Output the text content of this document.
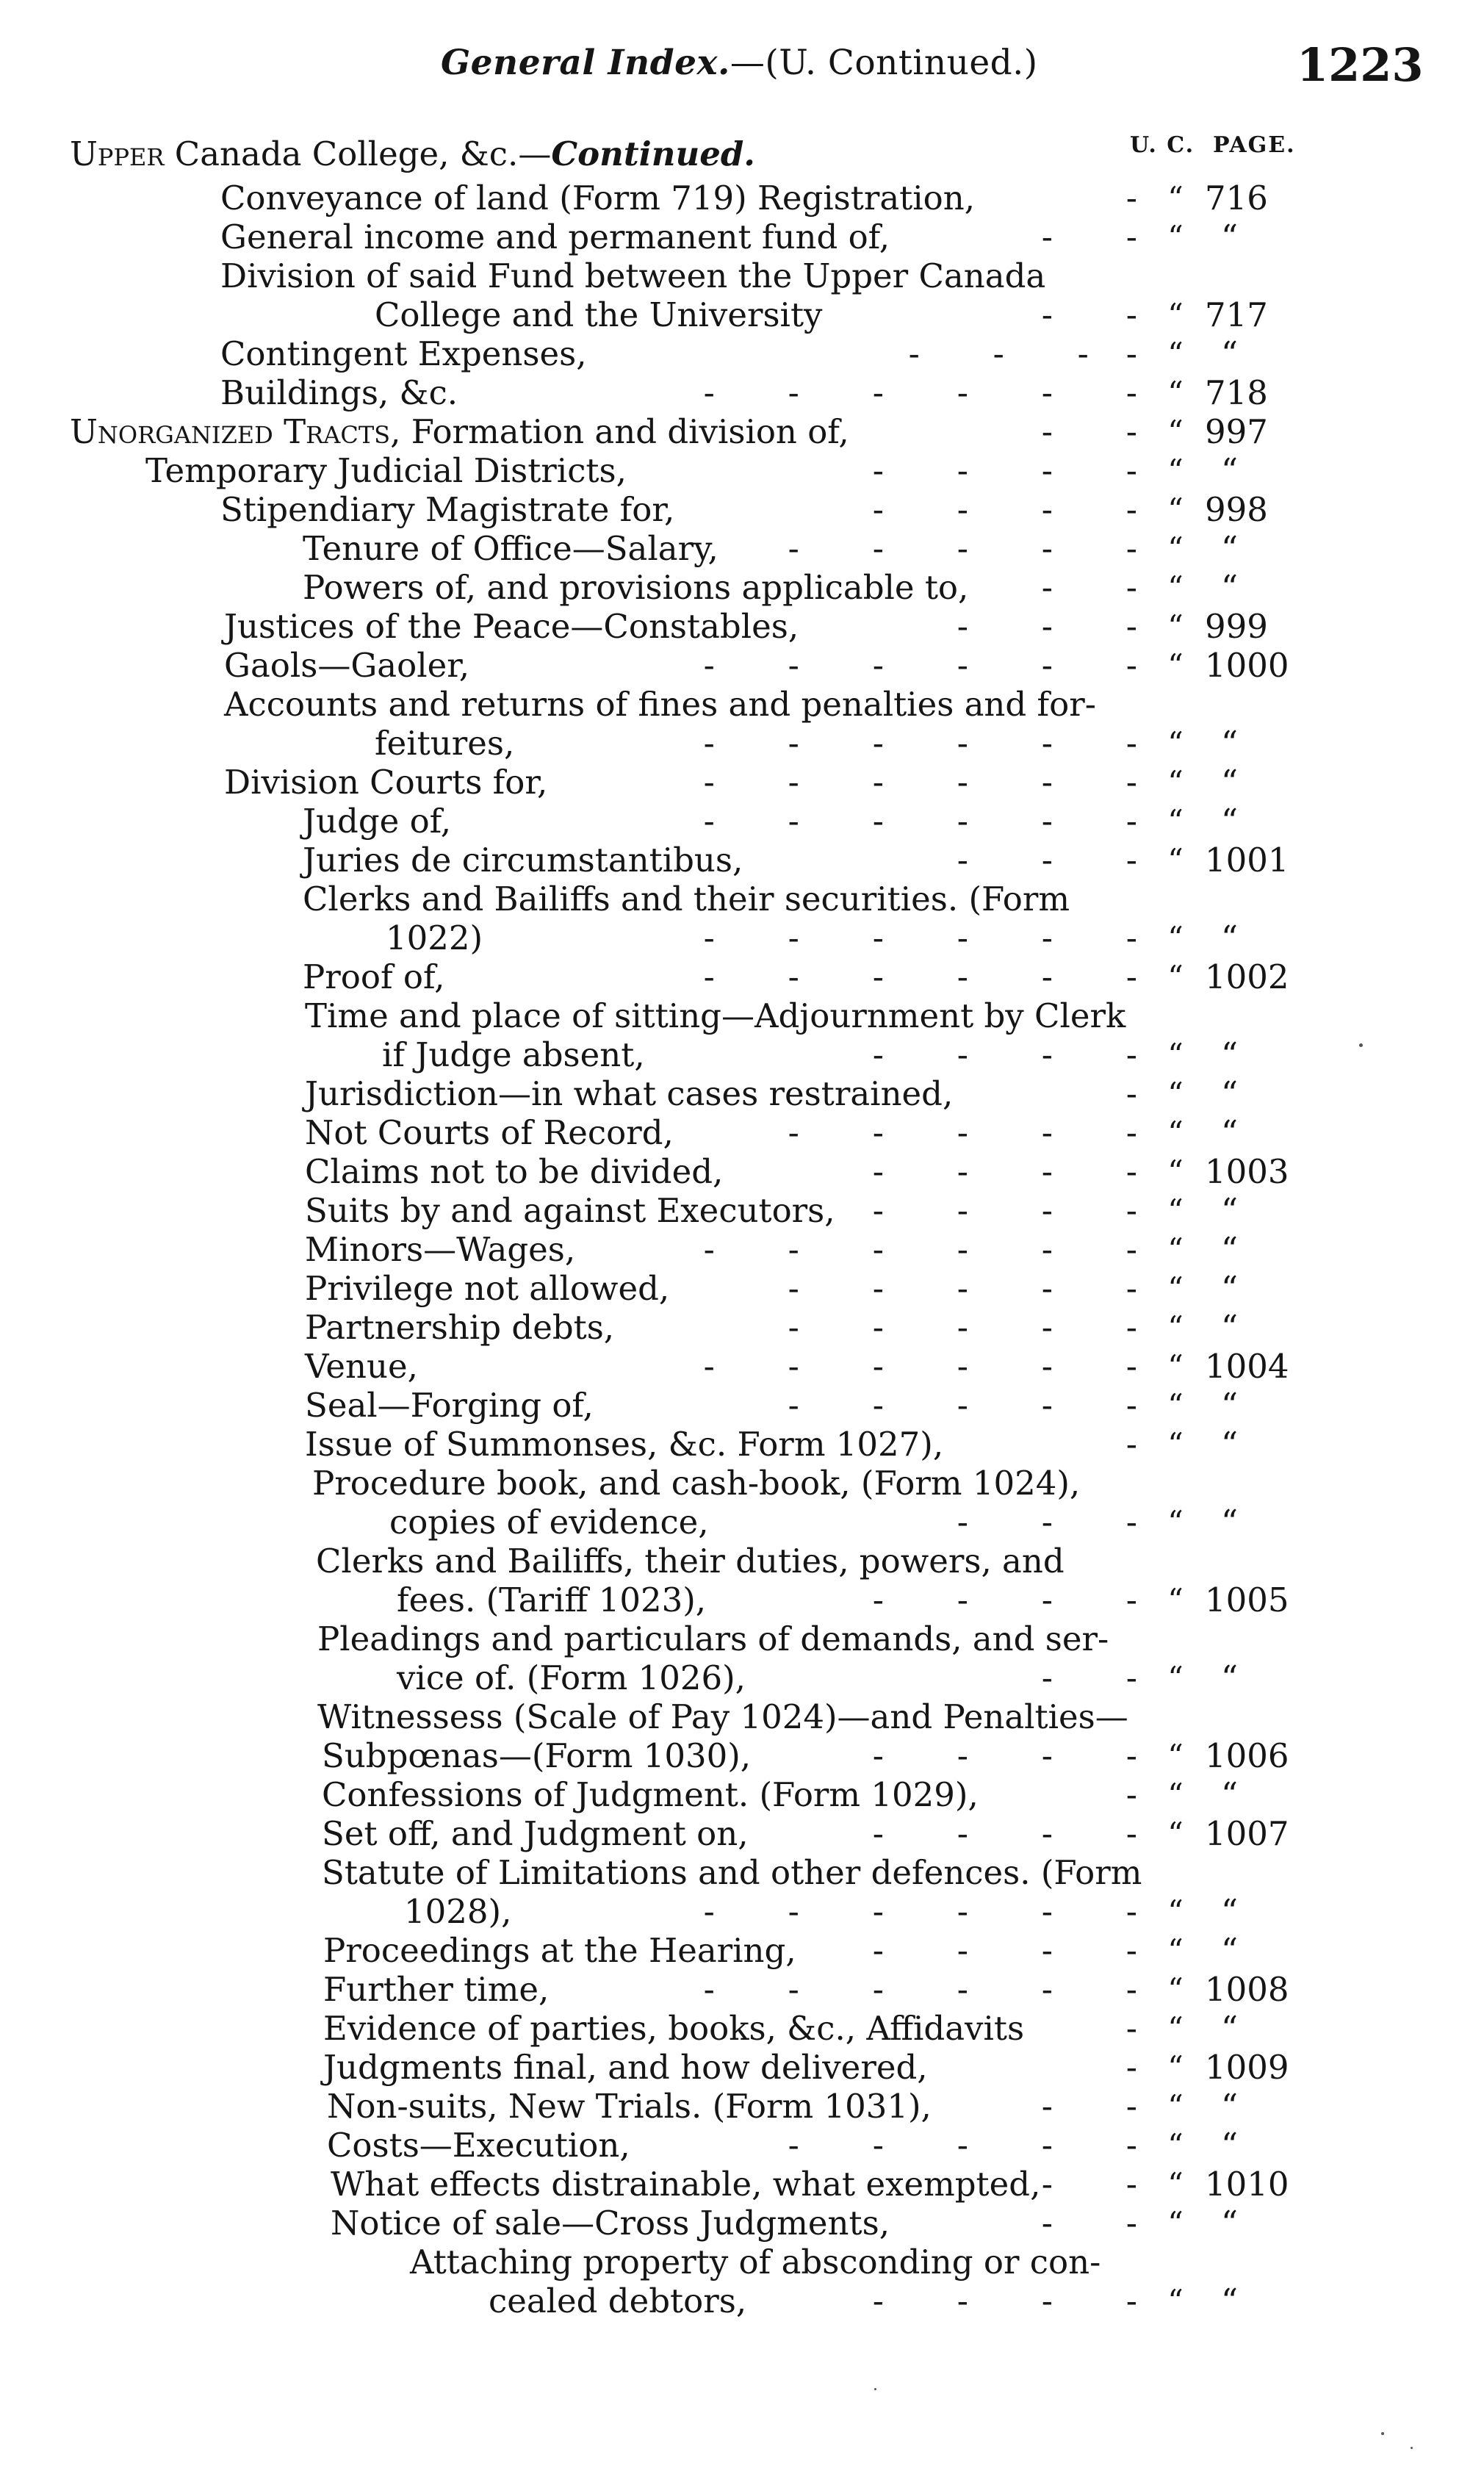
General Index.—(U. Continued.)	1223
U. C. PAGE.
Upper Canada College, &c.—Continued.
Conveyance of land (Form 719) Registration,	- “ 716
General income and permanent fund of,	-      - “	“
Division of said Fund between the Upper Canada
College and the University	-      - “ 717
Contingent Expenses,	-      -      -   - “	“
Buildings, &c.	-      -      -      -      -      - “ 718
Unorganized Tracts, Formation and division of,	-      - “ 997
Temporary Judicial Districts,	-      -      -      - “	“
Stipendiary Magistrate for,	-      -      -      - “ 998
Tenure of Office—Salary, -      -      -      -      - “	“
Powers of, and provisions applicable to, -      - “	“
Justices of the Peace—Constables,	-      -      - “ 999
Gaols—Gaoler,	-      -      -      -      -      - “ 1000
Accounts and returns of fines and penalties and for-
feitures,	-      -      -      -      -      - “	“
Division Courts for,	-      -      -      -      -      - “	“
Judge of,	-      -      -      -      -      - “	“
Juries de circumstantibus,	-      -      - “ 1001
Clerks and Bailiffs and their securities. (Form
1022)	-      -      -      -      -      - “	“
Proof of,	-      -      -      -      -      - “ 1002
Time and place of sitting—Adjournment by Clerk
if Judge absent,	-      -      -      - “	“
Jurisdiction—in what cases restrained,	- “	“
Not Courts of Record,	-      -      -      -      - “	“
Claims not to be divided,	-      -      -      - “ 1003
Suits by and against Executors, -      -      -      - “	“
Minors—Wages,	-      -      -      -      -      - “	“
Privilege not allowed,	-      -      -      -      - “	“
Partnership debts,	-      -      -      -      - “	“
Venue,	-      -      -      -      -      - “ 1004
Seal—Forging of,	-      -      -      -      - “	“
Issue of Summonses, &c. Form 1027),	- “	“
Procedure book, and cash-book, (Form 1024),
copies of evidence,	-      -      - “	“
Clerks and Bailiffs, their duties, powers, and
fees. (Tariff 1023),	-      -      -      - “ 1005
Pleadings and particulars of demands, and ser-
vice of. (Form 1026),	-      - “	“
Witnessess (Scale of Pay 1024)—and Penalties—
Subpœnas—(Form 1030),	-      -      -      - “ 1006
Confessions of Judgment. (Form 1029),	- “	“
Set off, and Judgment on,	-      -      -      - “ 1007
Statute of Limitations and other defences. (Form
1028),	-      -      -      -      -      - “	“
Proceedings at the Hearing, -      -      -      - “	“
Further time,	-      -      -      -      -      - “ 1008
Evidence of parties, books, &c., Affidavits	- “	“
Judgments final, and how delivered,	- “ 1009
Non-suits, New Trials. (Form 1031),	-      - “	“
Costs—Execution,	-      -      -      -      - “	“
What effects distrainable, what exempted, -      - “ 1010
Notice of sale—Cross Judgments,	-      - “	“
Attaching property of absconding or con-
cealed debtors,	-      -      -      - “	“
